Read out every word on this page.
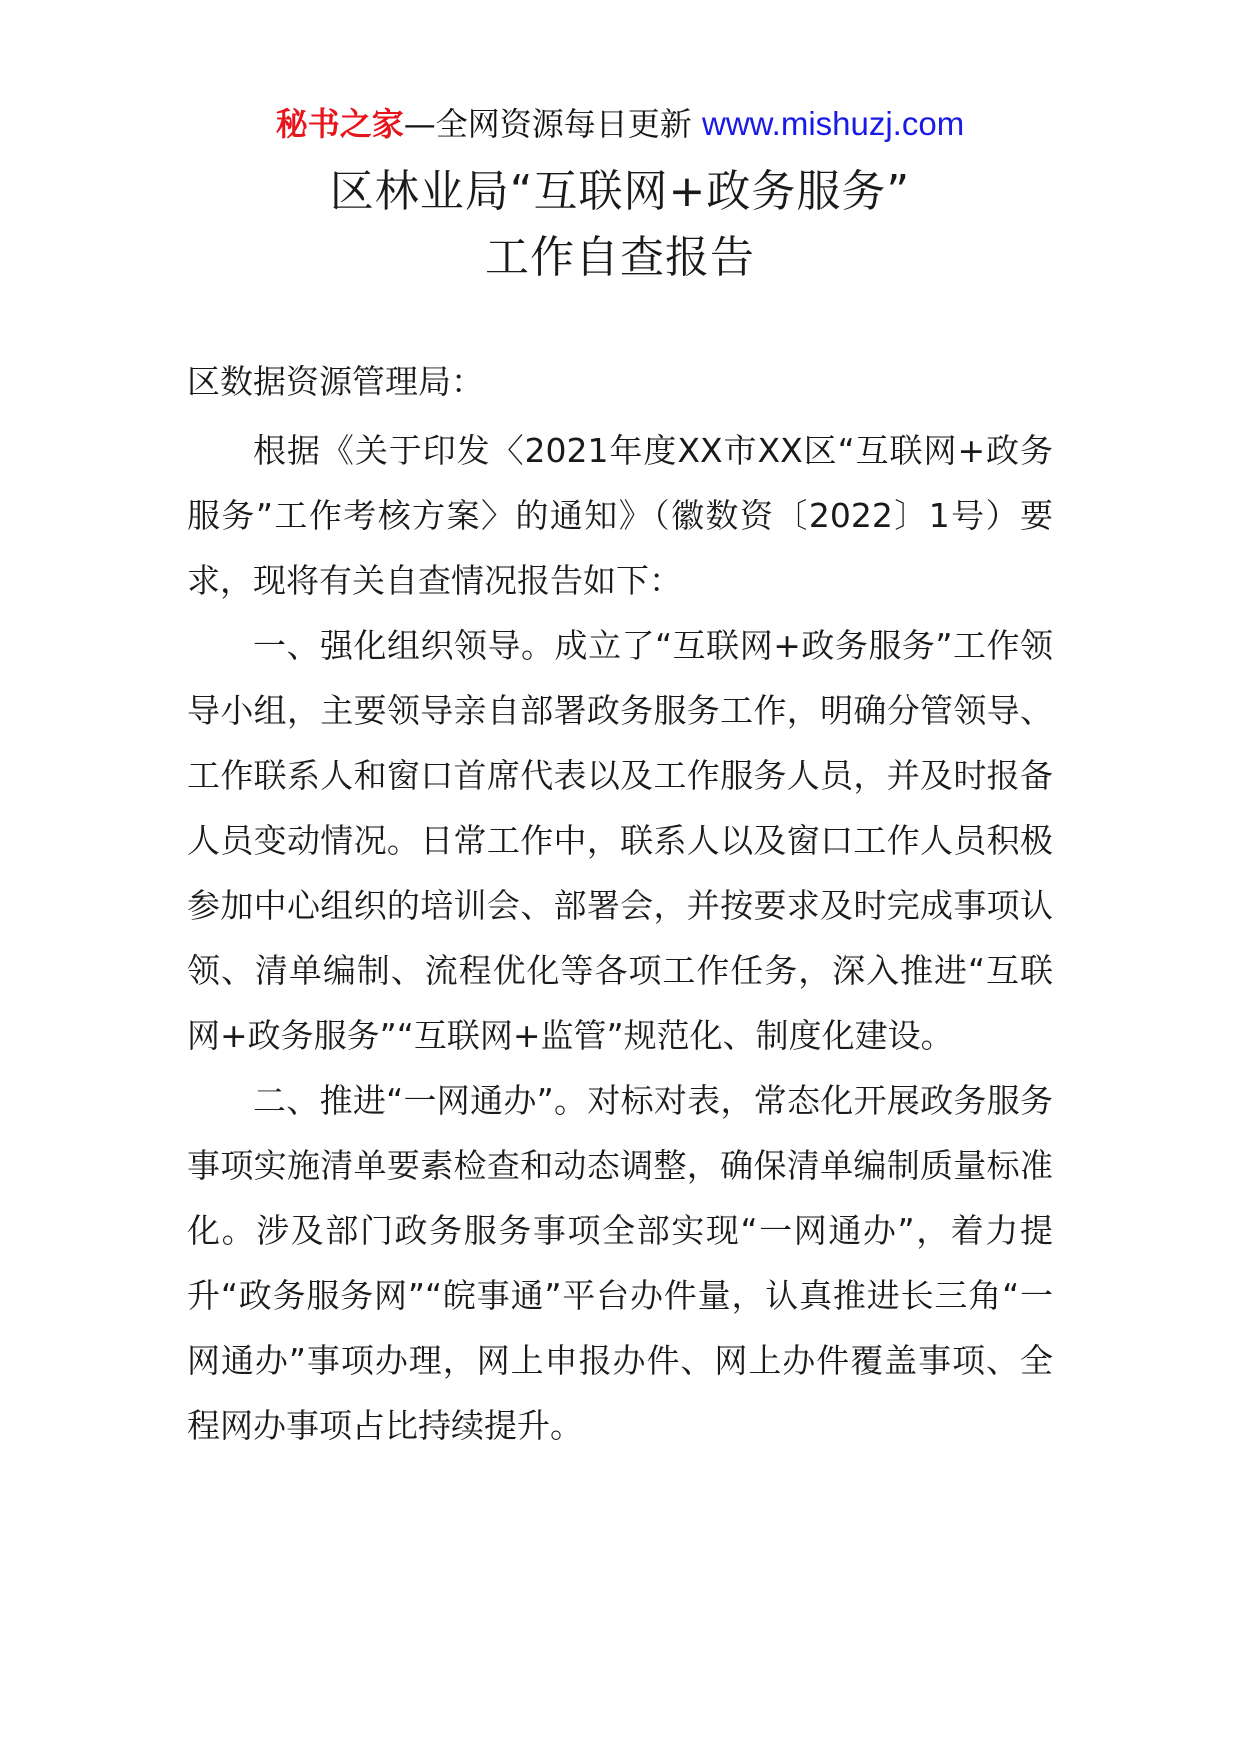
秘书之家—全网资源每日更新 www.mishuzj.com
区林业局“互联网+政务服务”
工作自查报告
区数据资源管理局：

根据《关于印发〈2021年度XX市XX区“互联网+政务服务”工作考核方案〉的通知》（徽数资〔2022〕1号）要求，现将有关自查情况报告如下：

一、强化组织领导。成立了“互联网+政务服务”工作领导小组，主要领导亲自部署政务服务工作，明确分管领导、工作联系人和窗口首席代表以及工作服务人员，并及时报备人员变动情况。日常工作中，联系人以及窗口工作人员积极参加中心组织的培训会、部署会，并按要求及时完成事项认领、清单编制、流程优化等各项工作任务，深入推进“互联网+政务服务”“互联网+监管”规范化、制度化建设。

二、推进“一网通办”。对标对表，常态化开展政务服务事项实施清单要素检查和动态调整，确保清单编制质量标准化。涉及部门政务服务事项全部实现“一网通办”，着力提升“政务服务网”“皖事通”平台办件量，认真推进长三角“一网通办”事项办理，网上申报办件、网上办件覆盖事项、全程网办事项占比持续提升。
